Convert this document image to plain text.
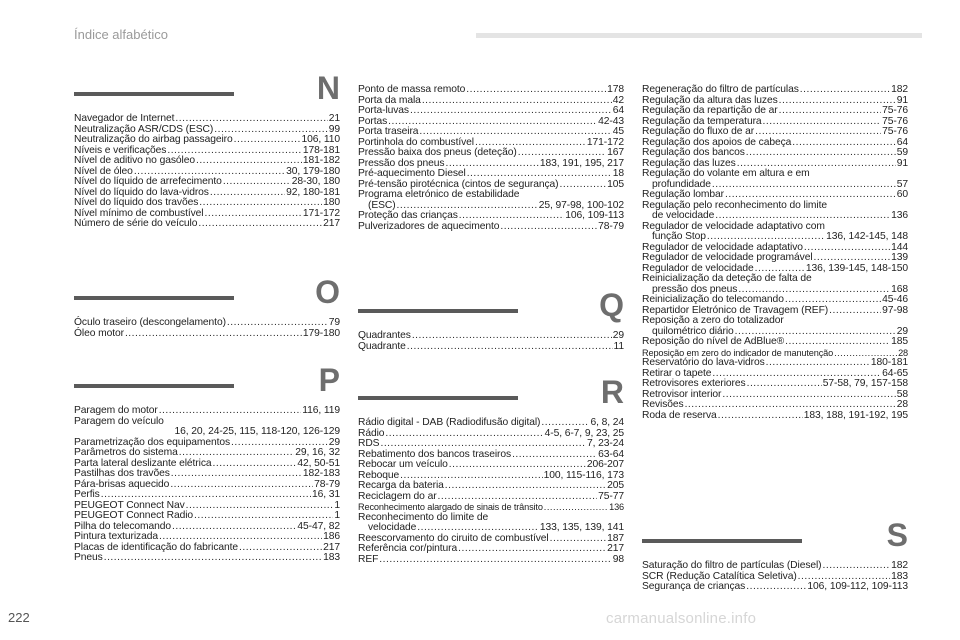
Índice alfabético
N
Navegador de Internet .....	21
Neutralização ASR/CDS (ESC) .....	99
Neutralização do airbag passageiro .....	106, 110
Níveis e verificações .....	178-181
Nível de aditivo no gasóleo .....	181-182
Nível de óleo .....	30, 179-180
Nível do líquido de arrefecimento .....	28-30, 180
Nível do líquido do lava-vidros .....	92, 180-181
Nível do líquido dos travões .....	180
Nível mínimo de combustível .....	171-172
Número de série do veículo .....	217
O
Óculo traseiro (descongelamento) .....	79
Óleo motor .....	179-180
P
Paragem do motor .....	116, 119
Paragem do veículo
16, 20, 24-25, 115, 118-120, 126-129
Parametrização dos equipamentos .....	29
Parâmetros do sistema .....	29, 16, 32
Parta lateral deslizante elétrica .....	42, 50-51
Pastilhas dos travões .....	182-183
Pára-brisas aquecido .....	78-79
Perfis .....	16, 31
PEUGEOT Connect Nav .....	1
PEUGEOT Connect Radio .....	1
Pilha do telecomando .....	45-47, 82
Pintura texturizada .....	186
Placas de identificação do fabricante .....	217
Pneus .....	183
Ponto de massa remoto .....	178
Porta da mala .....	42
Porta-luvas .....	64
Portas .....	42-43
Porta traseira .....	45
Portinhola do combustível .....	171-172
Pressão baixa dos pneus (deteção) .....	167
Pressão dos pneus .....	183, 191, 195, 217
Pré-aquecimento Diesel .....	18
Pré-tensão pirotécnica (cintos de segurança) .....	105
Programa eletrónico de estabilidade
(ESC) .....	25, 97-98, 100-102
Proteção das crianças .....	106, 109-113
Pulverizadores de aquecimento .....	78-79
Q
Quadrantes .....	29
Quadrante .....	11
R
Rádio digital - DAB (Radiodifusão digital) .....	6, 8, 24
Rádio .....	4-5, 6-7, 9, 23, 25
RDS .....	7, 23-24
Rebatimento dos bancos traseiros .....	63-64
Rebocar um veículo .....	206-207
Reboque .....	100, 115-116, 173
Recarga da bateria .....	205
Reciclagem do ar .....	75-77
Reconhecimento alargado de sinais de trânsito .....	136
Reconhecimento do limite de
velocidade .....	133, 135, 139, 141
Reescorvamento do ciruito de combustível .....	187
Referência cor/pintura .....	217
REF .....	98
Regeneração do filtro de partículas .....	182
Regulação da altura das luzes .....	91
Regulação da repartição de ar .....	75-76
Regulação da temperatura .....	75-76
Regulação do fluxo de ar .....	75-76
Regulação dos apoios de cabeça .....	64
Regulação dos bancos .....	59
Regulação das luzes .....	91
Regulação do volante em altura e em
profundidade .....	57
Regulação lombar .....	60
Regulação pelo reconhecimento do limite
de velocidade .....	136
Regulador de velocidade adaptativo com
função Stop .....	136, 142-145, 148
Regulador de velocidade adaptativo .....	144
Regulador de velocidade programável .....	139
Regulador de velocidade .....	136, 139-145, 148-150
Reinicialização da deteção de falta de
pressão dos pneus .....	168
Reinicialização do telecomando .....	45-46
Repartidor Eletrónico de Travagem (REF) .....	97-98
Reposição a zero do totalizador
quilométrico diário .....	29
Reposição do nível de AdBlue® .....	185
Reposição em zero do indicador de manutenção .....	28
Reservatório do lava-vidros .....	180-181
Retirar o tapete .....	64-65
Retrovisores exteriores .....	57-58, 79, 157-158
Retrovisor interior .....	58
Revisões .....	28
Roda de reserva .....	183, 188, 191-192, 195
S
Saturação do filtro de partículas (Diesel) .....	182
SCR (Redução Catalítica Seletiva) .....	183
Segurança de crianças .....	106, 109-112, 109-113
222	carmanualsonline.info
